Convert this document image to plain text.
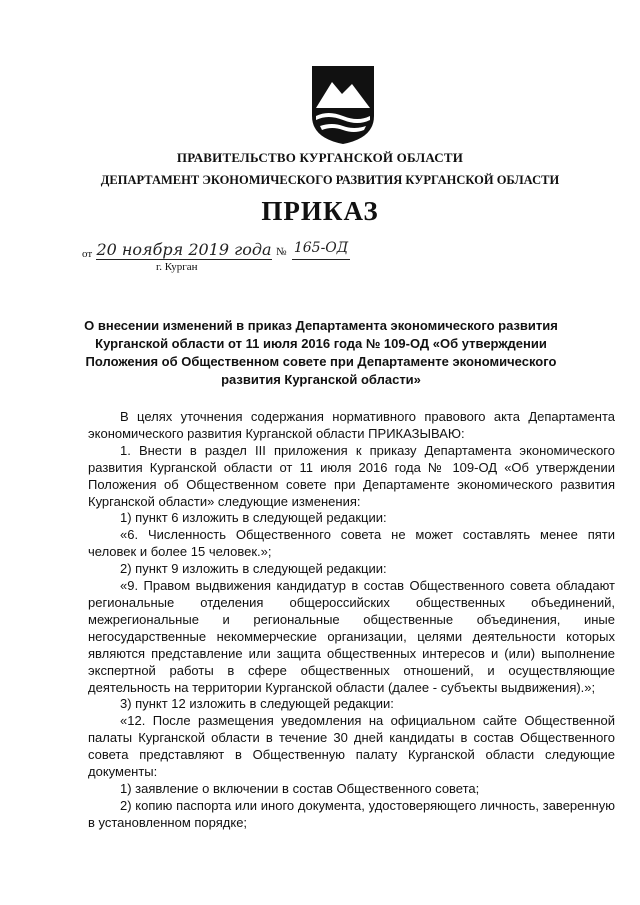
ПРАВИТЕЛЬСТВО КУРГАНСКОЙ ОБЛАСТИ
ДЕПАРТАМЕНТ ЭКОНОМИЧЕСКОГО РАЗВИТИЯ КУРГАНСКОЙ ОБЛАСТИ
ПРИКАЗ
от 20 ноября 2019 года № 165-ОД
г. Курган
О внесении изменений в приказ Департамента экономического развития Курганской области от 11 июля 2016 года № 109-ОД «Об утверждении Положения об Общественном совете при Департаменте экономического развития Курганской области»

В целях уточнения содержания нормативного правового акта Департамента экономического развития Курганской области ПРИКАЗЫВАЮ:

1. Внести в раздел III приложения к приказу Департамента экономического развития Курганской области от 11 июля 2016 года № 109-ОД «Об утверждении Положения об Общественном совете при Департаменте экономического развития Курганской области» следующие изменения:

1) пункт 6 изложить в следующей редакции:

«6. Численность Общественного совета не может составлять менее пяти человек и более 15 человек.»;

2) пункт 9 изложить в следующей редакции:

«9. Правом выдвижения кандидатур в состав Общественного совета обладают региональные отделения общероссийских общественных объединений, межрегиональные и региональные общественные объединения, иные негосударственные некоммерческие организации, целями деятельности которых являются представление или защита общественных интересов и (или) выполнение экспертной работы в сфере общественных отношений, и осуществляющие деятельность на территории Курганской области (далее - субъекты выдвижения).»;

3) пункт 12 изложить в следующей редакции:

«12. После размещения уведомления на официальном сайте Общественной палаты Курганской области в течение 30 дней кандидаты в состав Общественного совета представляют в Общественную палату Курганской области следующие документы:

1) заявление о включении в состав Общественного совета;

2) копию паспорта или иного документа, удостоверяющего личность, заверенную в установленном порядке;
